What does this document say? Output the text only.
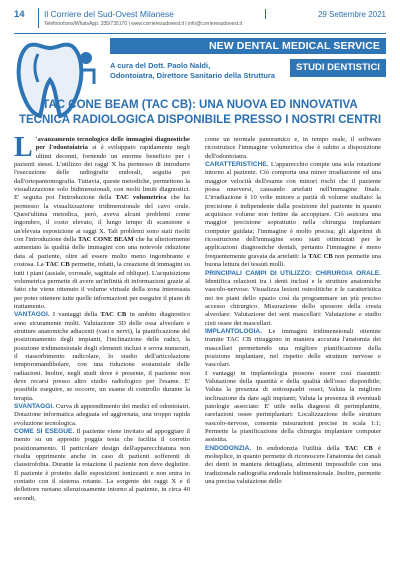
14 Il Corriere del Sud-Ovest Milanese
Telefono/sms/WhatsApp: 335/735170 | www.corrieresudovest.it | info@corrieresudovest.it
29 Settembre 2021
NEW DENTAL MEDICAL SERVICE
A cura del Dott. Paolo Naldi,
Odontoiatra, Direttore Sanitario della Struttura
STUDI DENTISTICI
TAC CONE BEAM (TAC CB): UNA NUOVA ED INNOVATIVA
TECNICA RADIOLOGICA DISPONIBILE PRESSO I NOSTRI CENTRI

L 'avanzamento tecnologico delle immagini diagnostiche per l'odontoiatria si è sviluppato rapidamente negli ultimi decenni, fornendo un enorme beneficio per i pazienti stessi. L'utilizzo dei raggi X ha permesso di introdurre l'esecuzione delle radiografie endorali, seguita poi dall'ortopantomografia. Tuttavia, queste metodiche, permettono la visualizzazione solo bidimensionali, con molti limiti diagnostici. E' seguita poi l'introduzione della TAC volumetrica che ha permesso la visualizzazione tridimensionale del cavo orale. Quest'ultima metodica, però, aveva alcuni problemi come ingombro, il costo elevato, il lungo tempo di scansione e un'elevata esposizione ai raggi X. Tali problemi sono stati risolti con l'introduzione della TAC CONE BEAM che ha ulteriormente aumentato la qualità delle immagini con una notevole riduzione data al paziente, oltre ad essere molto meno ingombrante e costosa. La TAC CB permette, infatti, la creazione di immagini su tutti i piani (assiale, coronale, sagittale ed oblique). L'acquisizione volumetrica permette di avere un'infinità di informazioni grazie al fatto che viene ottenuto il volume virtuale della zona interessata per poter ottenere tutte quelle informazioni per eseguire il piano di trattamento.

VANTAGGI. I vantaggi della TAC CB in ambito diagnostico sono sicuramente molti. Valutazione 3D delle ossa alveolare e strutture anatomiche adiacenti (vasi e nervi), la pianificazione del posizionamento degli impianti, l'inclinazione delle radici, la posizione tridimensionale degli elementi inclusi e sovra numerari, il riassorbimento radicolare, lo studio dell'articolazione temporomandibolare, con una riduzione sostanziale delle radiazioni. Inoltre, negli studi dove è presente, il paziente non deve recarsi presso altro studio radiologico per l'esame. E' possibile eseguire, se occorre, un esame di controllo durante la terapia.

SVANTAGGI. Curva di apprendimento dei medici ed odontoiatri. Dotazione informatica adeguata ed aggiornata, una troppo rapida evoluzione tecnologica.

COME SI ESEGUE. Il paziente viene invitato ad appoggiare il mento su un apposito poggia testa che facilita il corretto posizionamento. Il particolare design dell'apparecchiatura non risulta opprimente anche in caso di pazienti sofferenti di claustrofobia. Durante la rotazione il paziente non deve deglutire. Il paziente è protetto dalle esposizioni ionizzanti e non entra in contatto con il sistema rotante. La sorgente dei raggi X e il deflettore ruotano silenziosamente intorno al paziente, in circa 40 secondi,

come un normale panoramico e, in tempo reale, il software ricostruisce l'immagine volumetrica che è subito a disposizione dell'odontoiatra.

CARATTERISTICHE. L'apparecchio compie una sola rotazione intorno al paziente. Ciò comporta una minor irradiazione ed una maggior velocità dell'esame con minori rischi che il paziente possa muoversi, causando artefatti nell'immagine finale. L'irradiazione è 10 volte minore a parità di volume studiato: la precisione è indipendente dalla posizione del paziente in quanto acquisisce volume non fettine da accoppiare. Ciò assicura una maggior precisione soprattutto nella chirurgia implantare computer guidata; l'immagine è molto precisa; gli algoritmi di ricostruzione dell'immagine sono stati ottimizzati per le applicazioni diagnostiche dentali, pertanto l'immagine è meno frequentemente gravata da artefatti: la TAC CB non permette una buona lettura dei tessuti molli.

PRINCIPALI CAMPI DI UTILIZZO: CHIRURGIA ORALE. Identifica relazioni tra i denti inclusi e le strutture anatomiche vascolo-nervose. Visualizza lesioni osteolitiche e le caratteristica nei tre piani dello spazio così da programmare un più preciso accesso chirurgico. Misurazione dello spessore della cresta alveolare: Valutazione dei seni mascellari: Valutazione e studio cisti ossee dei mascellari.

IMPLANTOLOGIA. Le immagini tridimensionali ottenute tramite TAC CB ritraggono in maniera accurata l'anatomia dei mascellari permettendo una migliore pianificazione della posizione implantare, nel rispetto delle strutture nervose e vascolari.

I vantaggi in implantologia possono essere così riassunti: Valutazione della quantità e della qualità dell'osso disponibile; Valuta la presenza di sottosquadri ossei; Valuta la migliore inclinazione da dare agli impianti; Valuta la presenza di eventuali patologie associate: E' utile nella diagnosi di perimplantite, rarefazioni ossee perimplantari: Localizzazione delle strutture vascolo-nervose, consente misurazioni precise in scala 1:1; Permette la pianificazione della chirurgia implantare computer assistita.

ENDODONZIA. In endodonzia l'utilità della TAC CB è molteplice, in quanto permette di riconoscere l'anatomia dei canali dei denti in maniera dettagliata, altrimenti impossibile con una tradizionale radiografia endorale bidimensionale. Inoltre, permette una precisa valutazione dello
